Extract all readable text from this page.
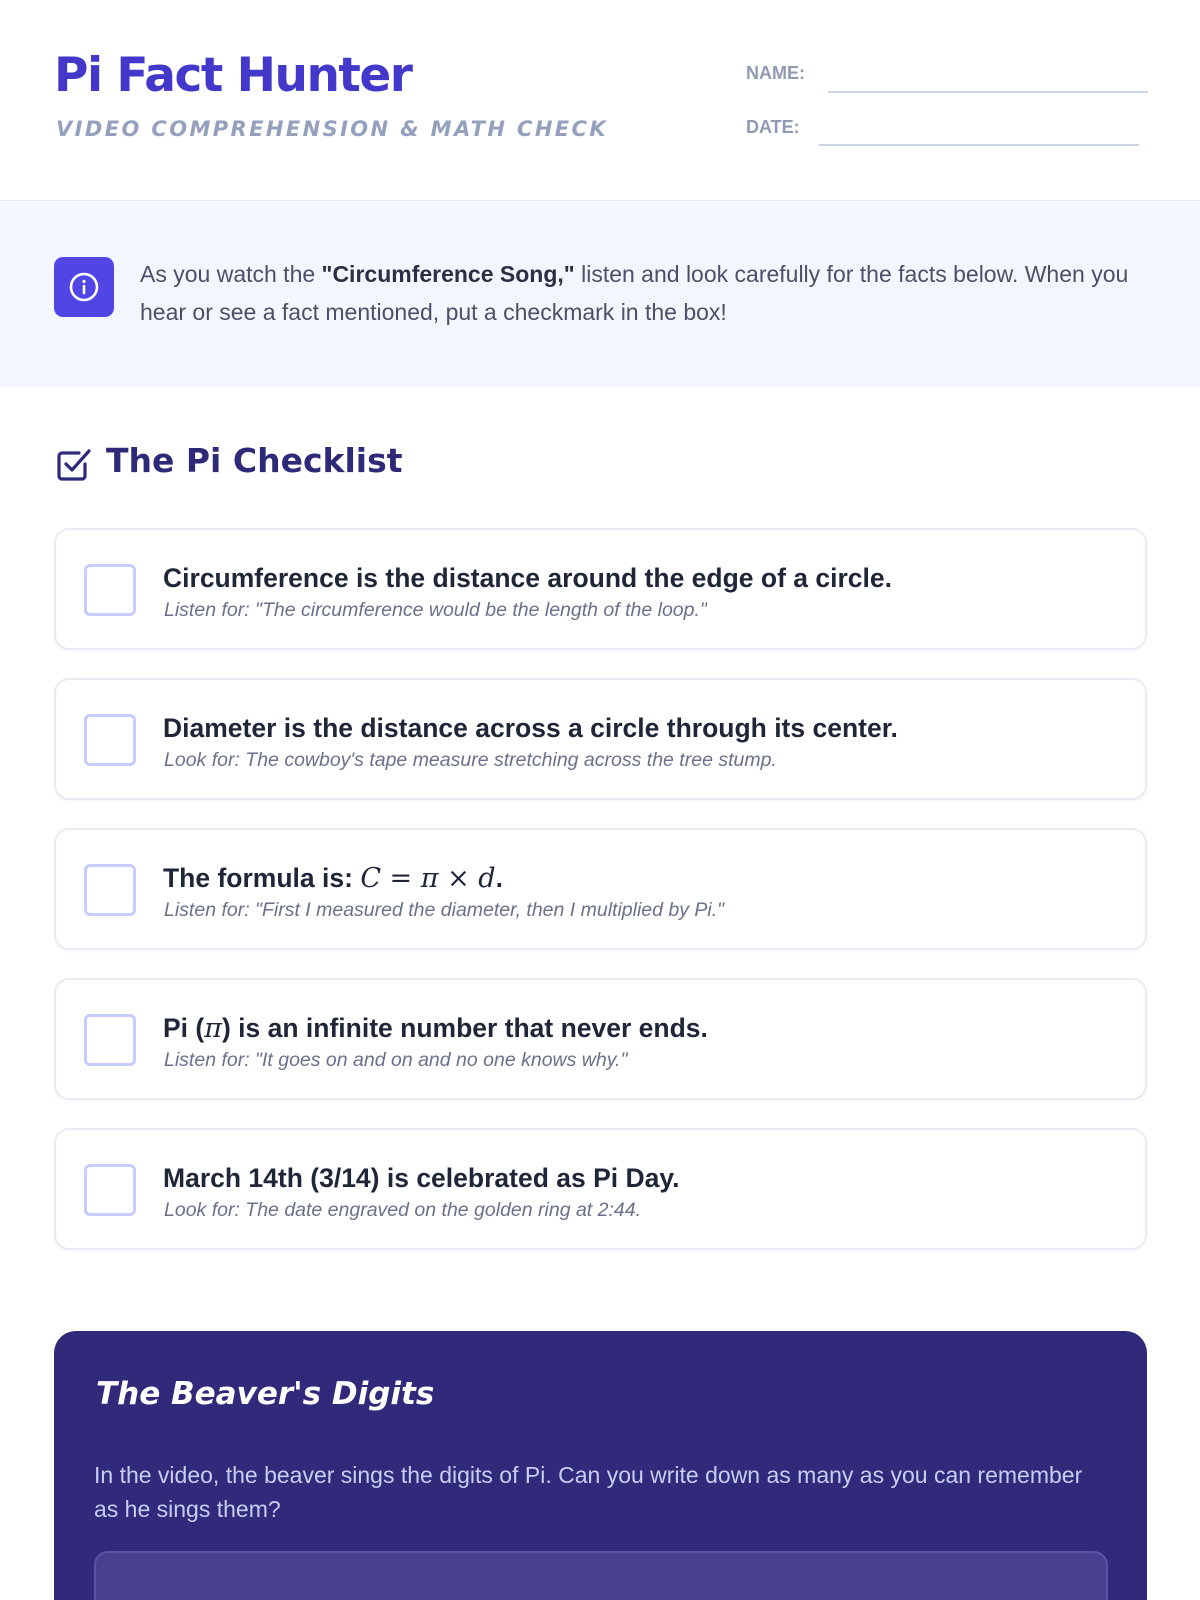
Pi Fact Hunter
VIDEO COMPREHENSION & MATH CHECK
NAME:
DATE:
As you watch the "Circumference Song," listen and look carefully for the facts below. When you hear or see a fact mentioned, put a checkmark in the box!
The Pi Checklist
Circumference is the distance around the edge of a circle.
Listen for: "The circumference would be the length of the loop."
Diameter is the distance across a circle through its center.
Look for: The cowboy's tape measure stretching across the tree stump.
The formula is: C = π × d.
Listen for: "First I measured the diameter, then I multiplied by Pi."
Pi (π) is an infinite number that never ends.
Listen for: "It goes on and on and no one knows why."
March 14th (3/14) is celebrated as Pi Day.
Look for: The date engraved on the golden ring at 2:44.
The Beaver's Digits
In the video, the beaver sings the digits of Pi. Can you write down as many as you can remember as he sings them?
